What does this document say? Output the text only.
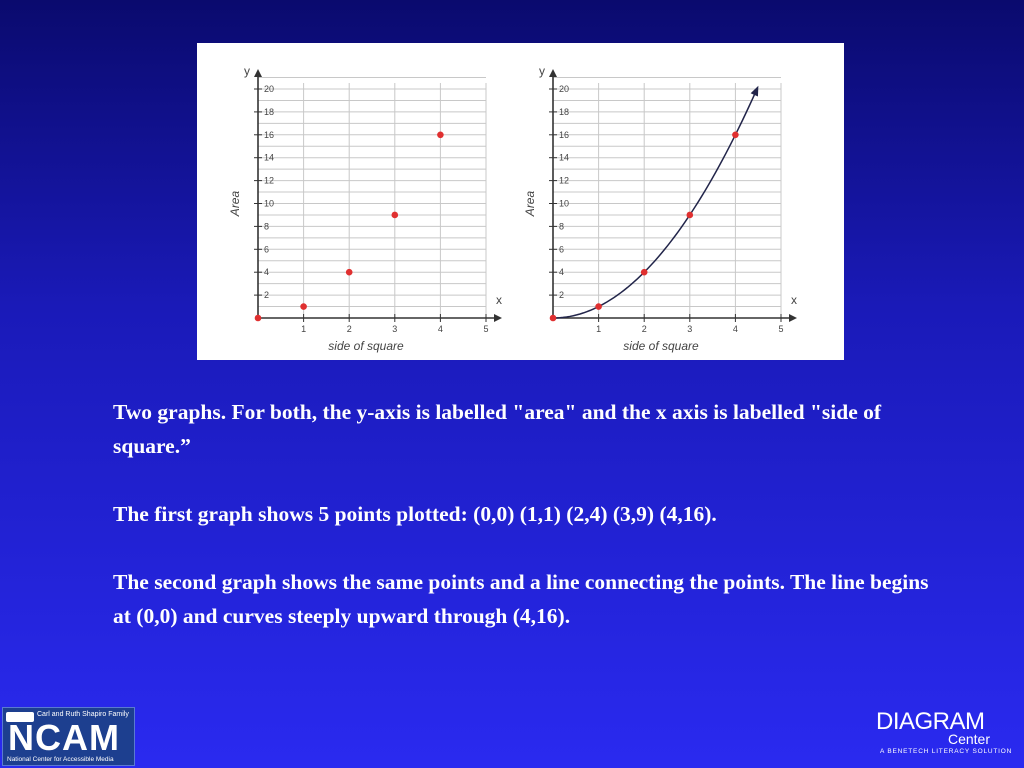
1	2	3	4	5
2
4
6
8
10
12
14
16
18
20
x
y
side of square
Area
1	2	3	4	5
2
4
6
8
10
12
14
16
18
20
x
y
side of square
Area

Two graphs. For both, the y-axis is labelled "area" and the x axis is labelled "side of square.”

The first graph shows 5 points plotted: (0,0) (1,1) (2,4) (3,9) (4,16).

The second graph shows the same points and a line connecting the points. The line begins at (0,0) and curves steeply upward through (4,16).

Carl and Ruth Shapiro Family
NCAM
National Center for Accessible Media
DIAGRAM
Center
A BENETECH LITERACY SOLUTION
